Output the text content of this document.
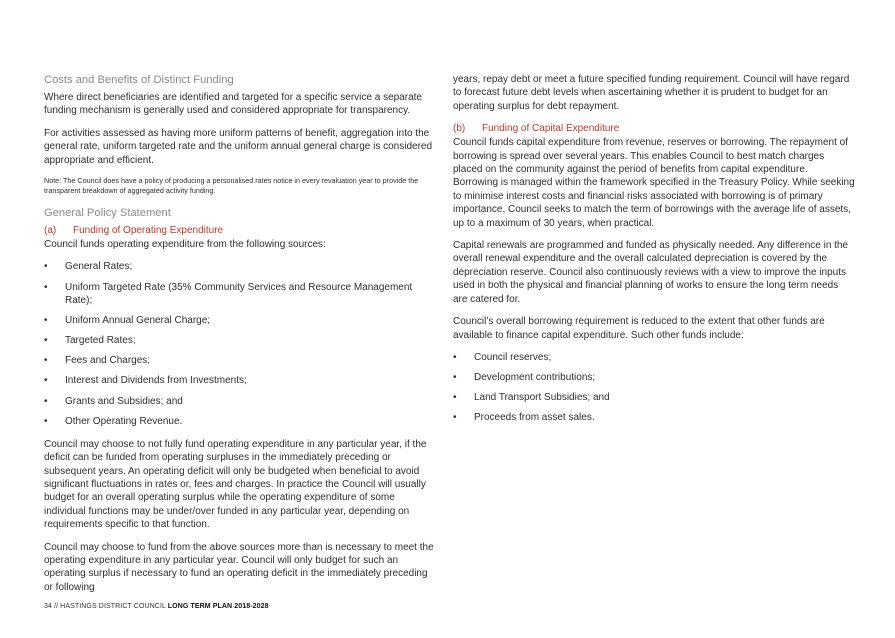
Costs and Benefits of Distinct Funding

Where direct beneficiaries are identified and targeted for a specific service a separate funding mechanism is generally used and considered appropriate for transparency.

For activities assessed as having more uniform patterns of benefit, aggregation into the general rate, uniform targeted rate and the uniform annual general charge is considered appropriate and efficient.

Note: The Council does have a policy of producing a personalised rates notice in every revaluation year to provide the transparent breakdown of aggregated activity funding.

General Policy Statement
(a) Funding of Operating Expenditure

Council funds operating expenditure from the following sources:

• General Rates;
• Uniform Targeted Rate (35% Community Services and Resource Management Rate);
• Uniform Annual General Charge;
• Targeted Rates;
• Fees and Charges;
• Interest and Dividends from Investments;
• Grants and Subsidies; and
• Other Operating Revenue.

Council may choose to not fully fund operating expenditure in any particular year, if the deficit can be funded from operating surpluses in the immediately preceding or subsequent years. An operating deficit will only be budgeted when beneficial to avoid significant fluctuations in rates or, fees and charges. In practice the Council will usually budget for an overall operating surplus while the operating expenditure of some individual functions may be under/over funded in any particular year, depending on requirements specific to that function.

Council may choose to fund from the above sources more than is necessary to meet the operating expenditure in any particular year. Council will only budget for such an operating surplus if necessary to fund an operating deficit in the immediately preceding or following

years, repay debt or meet a future specified funding requirement. Council will have regard to forecast future debt levels when ascertaining whether it is prudent to budget for an operating surplus for debt repayment.

(b) Funding of Capital Expenditure

Council funds capital expenditure from revenue, reserves or borrowing. The repayment of borrowing is spread over several years. This enables Council to best match charges placed on the community against the period of benefits from capital expenditure. Borrowing is managed within the framework specified in the Treasury Policy. While seeking to minimise interest costs and financial risks associated with borrowing is of primary importance, Council seeks to match the term of borrowings with the average life of assets, up to a maximum of 30 years, when practical.

Capital renewals are programmed and funded as physically needed. Any difference in the overall renewal expenditure and the overall calculated depreciation is covered by the depreciation reserve. Council also continuously reviews with a view to improve the inputs used in both the physical and financial planning of works to ensure the long term needs are catered for.

Council’s overall borrowing requirement is reduced to the extent that other funds are available to finance capital expenditure. Such other funds include:

• Council reserves;
• Development contributions;
• Land Transport Subsidies; and
• Proceeds from asset sales.
34 // HASTINGS DISTRICT COUNCIL LONG TERM PLAN 2018-2028
